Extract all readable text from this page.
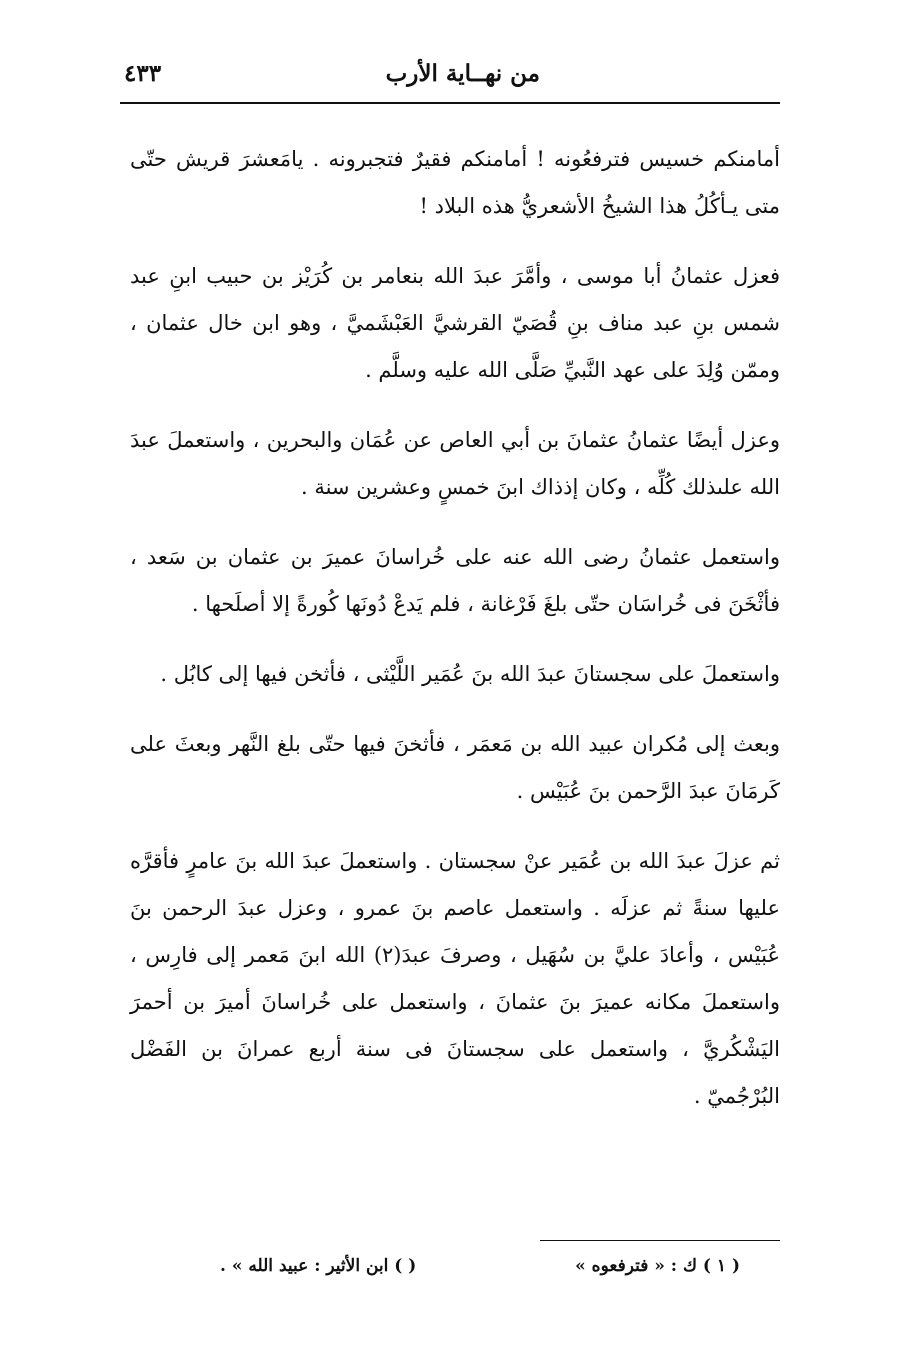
من نهــاية الأرب
٤٣٣

أمامنكم خسيس فترفعُونه ! أمامنكم فقيرٌ فتجبرونه . يامَعشرَ قريش حتّى متى يـأكُلُ هذا الشيخُ الأشعريُّ هذه البلاد !

فعزل عثمانُ أبا موسى ، وأمَّرَ عبدَ الله بنعامر بن كُرَيْز بن حبيب ابنِ عبد شمس بنِ عبد مناف بنِ قُصَيّ القرشيَّ العَبْشَميَّ ، وهو ابن خال عثمان ، وممّن وُلِدَ على عهد النَّبيِّ صَلَّى الله عليه وسلَّم .

وعزل أيضًا عثمانُ عثمانَ بن أبي العاص عن عُمَان والبحرين ، واستعملَ عبدَ الله علىذلك كُلِّه ، وكان إذذاك ابنَ خمسٍ وعشرين سنة .

واستعمل عثمانُ رضى الله عنه على خُراسانَ عميرَ بن عثمان بن سَعد ، فأثْخَنَ فى خُراسَان حتّى بلغَ فَرْغانة ، فلم يَدعْ دُونَها كُورةً إلا أصلَحها .

واستعملَ على سجستانَ عبدَ الله بنَ عُمَير اللَّيْثى ، فأثخن فيها إلى كابُل .

وبعث إلى مُكران عبيد الله بن مَعمَر ، فأثخنَ فيها حتّى بلغ النَّهر وبعثَ على كَرمَانَ عبدَ الرَّحمن بنَ عُبَيْس .

ثم عزلَ عبدَ الله بن عُمَير عنْ سجستان . واستعملَ عبدَ الله بنَ عامرٍ فأقرَّه عليها سنةً ثم عزلَه . واستعمل عاصم بنَ عمرو ، وعزل عبدَ الرحمن بنَ عُبَيْس ، وأعادَ عليَّ بن سُهَيل ، وصرفَ عبدَ(٢) الله ابنَ مَعمر إلى فارِس ، واستعملَ مكانه عميرَ بنَ عثمانَ ، واستعمل على خُراسانَ أميرَ بن أحمرَ اليَشْكُريَّ ، واستعمل على سجستانَ فى سنة أربع عمرانَ بن الفَضْل البُرْجُميّ .

( ١ ) ك : « فترفعوه »
( ) ابن الأثير : عبيد الله » .
